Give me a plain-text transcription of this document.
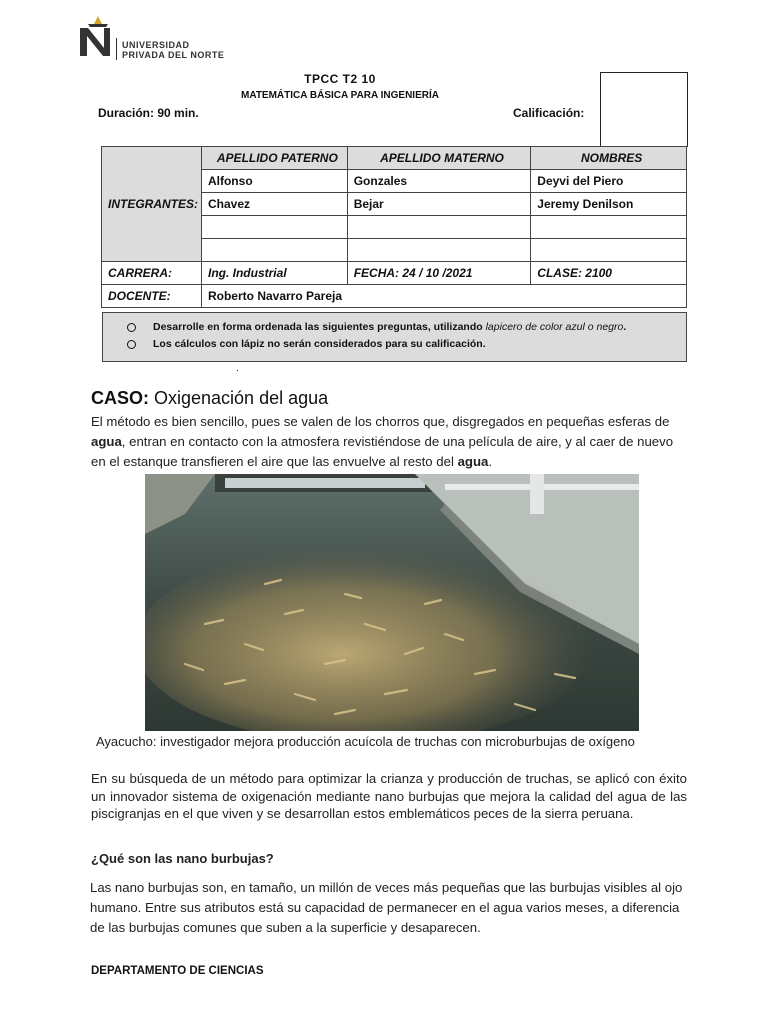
UNIVERSIDAD
PRIVADA DEL NORTE
TPCC T2 10
MATEMÁTICA BÁSICA PARA INGENIERÍA
Duración: 90 min.	Calificación:
INTEGRANTES:	APELLIDO PATERNO	APELLIDO MATERNO	NOMBRES
	Alfonso	Gonzales	Deyvi del Piero
	Chavez	Bejar	Jeremy Denilson

CARRERA:	Ing. Industrial	FECHA: 24 / 10 /2021	CLASE: 2100
DOCENTE:	Roberto Navarro Pareja		
Desarrolle en forma ordenada las siguientes preguntas, utilizando lapicero de color azul o negro.
Los cálculos con lápiz no serán considerados para su calificación.
.
CASO: Oxigenación del agua
El método es bien sencillo, pues se valen de los chorros que, disgregados en pequeñas esferas de agua, entran en contacto con la atmosfera revistiéndose de una película de aire, y al caer de nuevo en el estanque transfieren el aire que las envuelve al resto del agua.
Ayacucho: investigador mejora producción acuícola de truchas con microburbujas de oxígeno
En su búsqueda de un método para optimizar la crianza y producción de truchas, se aplicó con éxito un innovador sistema de oxigenación mediante nano burbujas que mejora la calidad del agua de las piscigranjas en el que viven y se desarrollan estos emblemáticos peces de la sierra peruana.
¿Qué son las nano burbujas?
Las nano burbujas son, en tamaño, un millón de veces más pequeñas que las burbujas visibles al ojo humano. Entre sus atributos está su capacidad de permanecer en el agua varios meses, a diferencia de las burbujas comunes que suben a la superficie y desaparecen.
DEPARTAMENTO DE CIENCIAS
